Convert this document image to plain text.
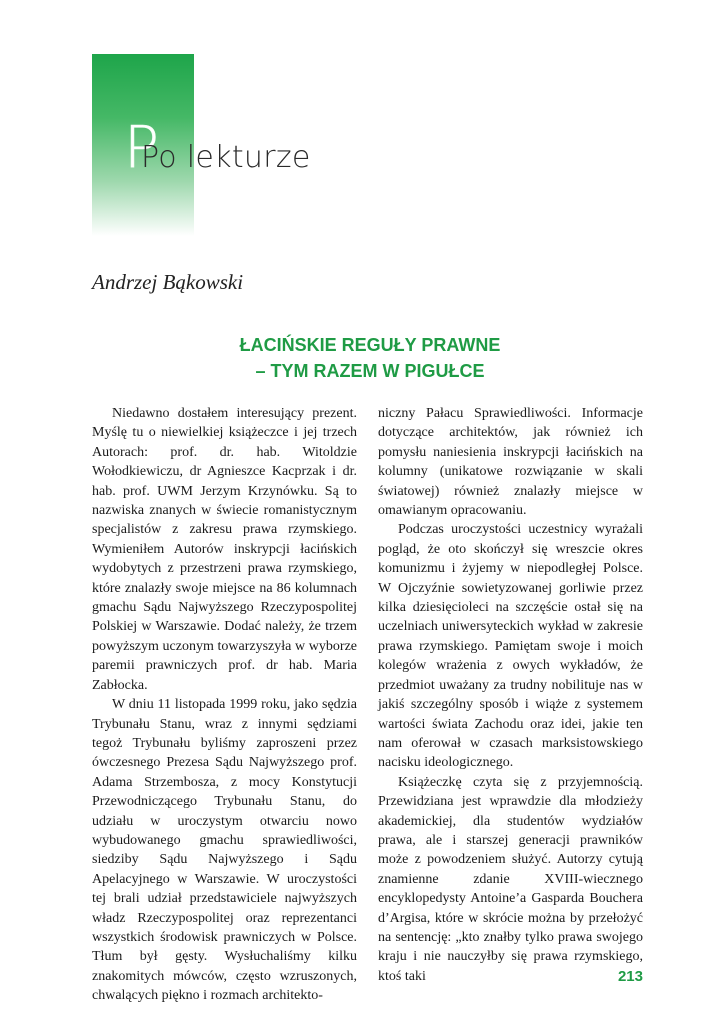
P
Po lekturze
Andrzej Bąkowski
ŁACIŃSKIE REGUŁY PRAWNE
– TYM RAZEM W PIGUŁCE

Niedawno dostałem interesujący prezent. Myślę tu o niewielkiej książeczce i jej trzech Autorach: prof. dr. hab. Witoldzie Wołodkiewiczu, dr Agnieszce Kacprzak i dr. hab. prof. UWM Jerzym Krzynówku. Są to nazwiska znanych w świecie romanistycznym specjalistów z zakresu prawa rzymskiego. Wymieniłem Autorów inskrypcji łacińskich wydobytych z przestrzeni prawa rzymskiego, które znalazły swoje miejsce na 86 kolumnach gmachu Sądu Najwyższego Rzeczypospolitej Polskiej w Warszawie. Dodać należy, że trzem powyższym uczonym towarzyszyła w wyborze paremii prawniczych prof. dr hab. Maria Zabłocka.

W dniu 11 listopada 1999 roku, jako sędzia Trybunału Stanu, wraz z innymi sędziami tegoż Trybunału byliśmy zaproszeni przez ówczesnego Prezesa Sądu Najwyższego prof. Adama Strzembosza, z mocy Konstytucji Przewodniczącego Trybunału Stanu, do udziału w uroczystym otwarciu nowo wybudowanego gmachu sprawiedliwości, siedziby Sądu Najwyższego i Sądu Apelacyjnego w Warszawie. W uroczystości tej brali udział przedstawiciele najwyższych władz Rzeczypospolitej oraz reprezentanci wszystkich środowisk prawniczych w Polsce. Tłum był gęsty. Wysłuchaliśmy kilku znakomitych mówców, często wzruszonych, chwalących piękno i rozmach architekto-

niczny Pałacu Sprawiedliwości. Informacje dotyczące architektów, jak również ich pomysłu naniesienia inskrypcji łacińskich na kolumny (unikatowe rozwiązanie w skali światowej) również znalazły miejsce w omawianym opracowaniu.

Podczas uroczystości uczestnicy wyrażali pogląd, że oto skończył się wreszcie okres komunizmu i żyjemy w niepodległej Polsce. W Ojczyźnie sowietyzowanej gorliwie przez kilka dziesięcioleci na szczęście ostał się na uczelniach uniwersyteckich wykład w zakresie prawa rzymskiego. Pamiętam swoje i moich kolegów wrażenia z owych wykładów, że przedmiot uważany za trudny nobilituje nas w jakiś szczególny sposób i wiąże z systemem wartości świata Zachodu oraz idei, jakie ten nam oferował w czasach marksistowskiego nacisku ideologicznego.

Książeczkę czyta się z przyjemnością. Przewidziana jest wprawdzie dla młodzieży akademickiej, dla studentów wydziałów prawa, ale i starszej generacji prawników może z powodzeniem służyć. Autorzy cytują znamienne zdanie XVIII-wiecznego encyklopedysty Antoine’a Gasparda Bouchera d’Argisa, które w skrócie można by przełożyć na sentencję: „kto znałby tylko prawa swojego kraju i nie nauczyłby się prawa rzymskiego, ktoś taki	213
